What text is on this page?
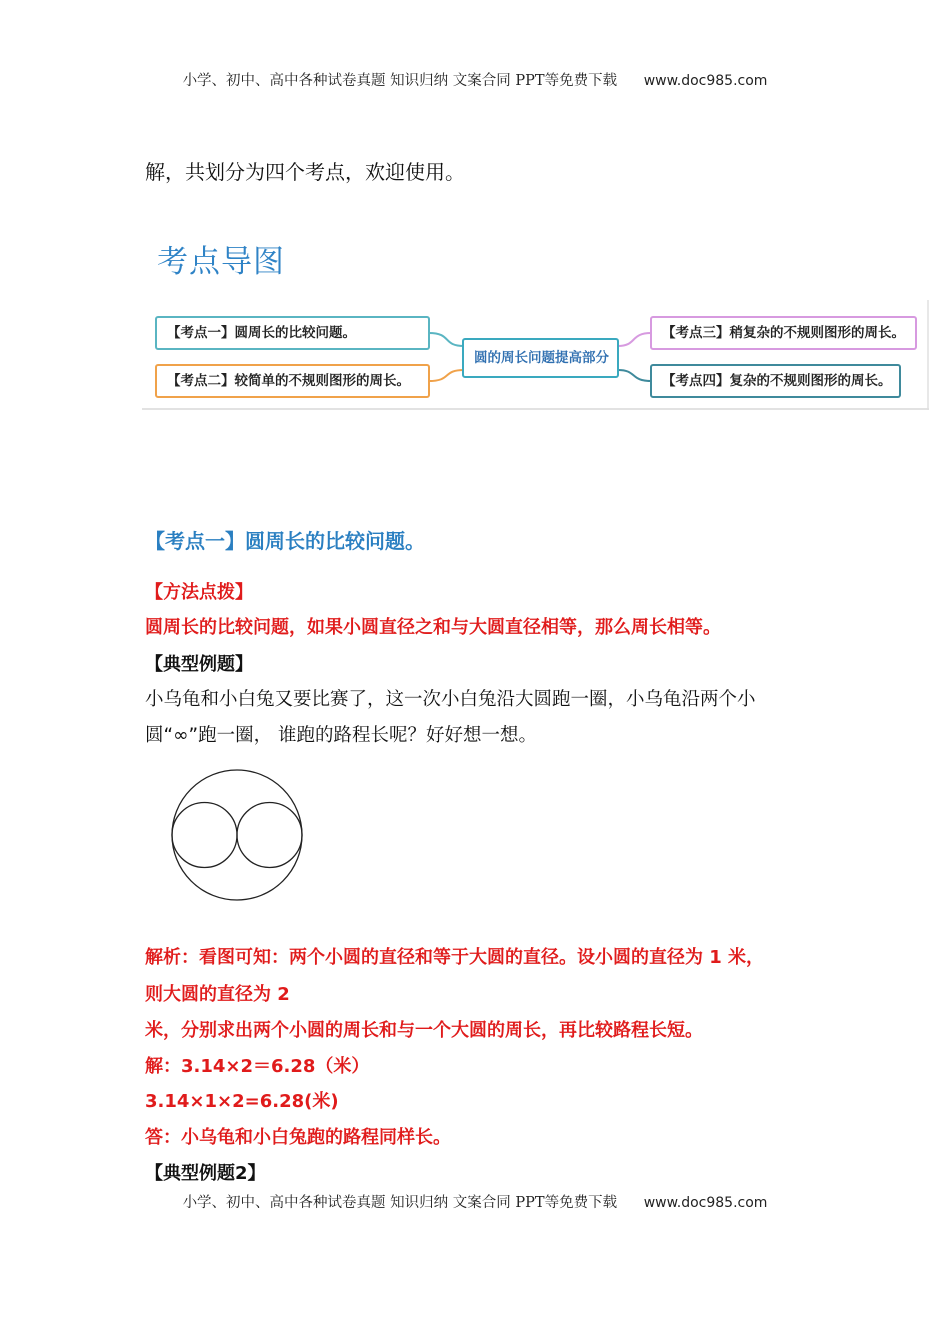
小学、初中、高中各种试卷真题 知识归纳 文案合同 PPT等免费下载 www.doc985.com
解，共划分为四个考点，欢迎使用。
考点导图
【考点一】圆周长的比较问题。
【考点二】较简单的不规则图形的周长。
圆的周长问题提高部分
【考点三】稍复杂的不规则图形的周长。
【考点四】复杂的不规则图形的周长。
【考点一】圆周长的比较问题。
【方法点拨】
圆周长的比较问题，如果小圆直径之和与大圆直径相等，那么周长相等。
【典型例题】
小乌龟和小白兔又要比赛了，这一次小白兔沿大圆跑一圈，小乌龟沿两个小
圆“∞”跑一圈， 谁跑的路程长呢？好好想一想。
解析：看图可知：两个小圆的直径和等于大圆的直径。设小圆的直径为 1 米，
则大圆的直径为 2
米，分别求出两个小圆的周长和与一个大圆的周长，再比较路程长短。
解：3.14×2＝6.28（米）
3.14×1×2=6.28(米)
答：小乌龟和小白兔跑的路程同样长。
【典型例题2】
小学、初中、高中各种试卷真题 知识归纳 文案合同 PPT等免费下载 www.doc985.com
